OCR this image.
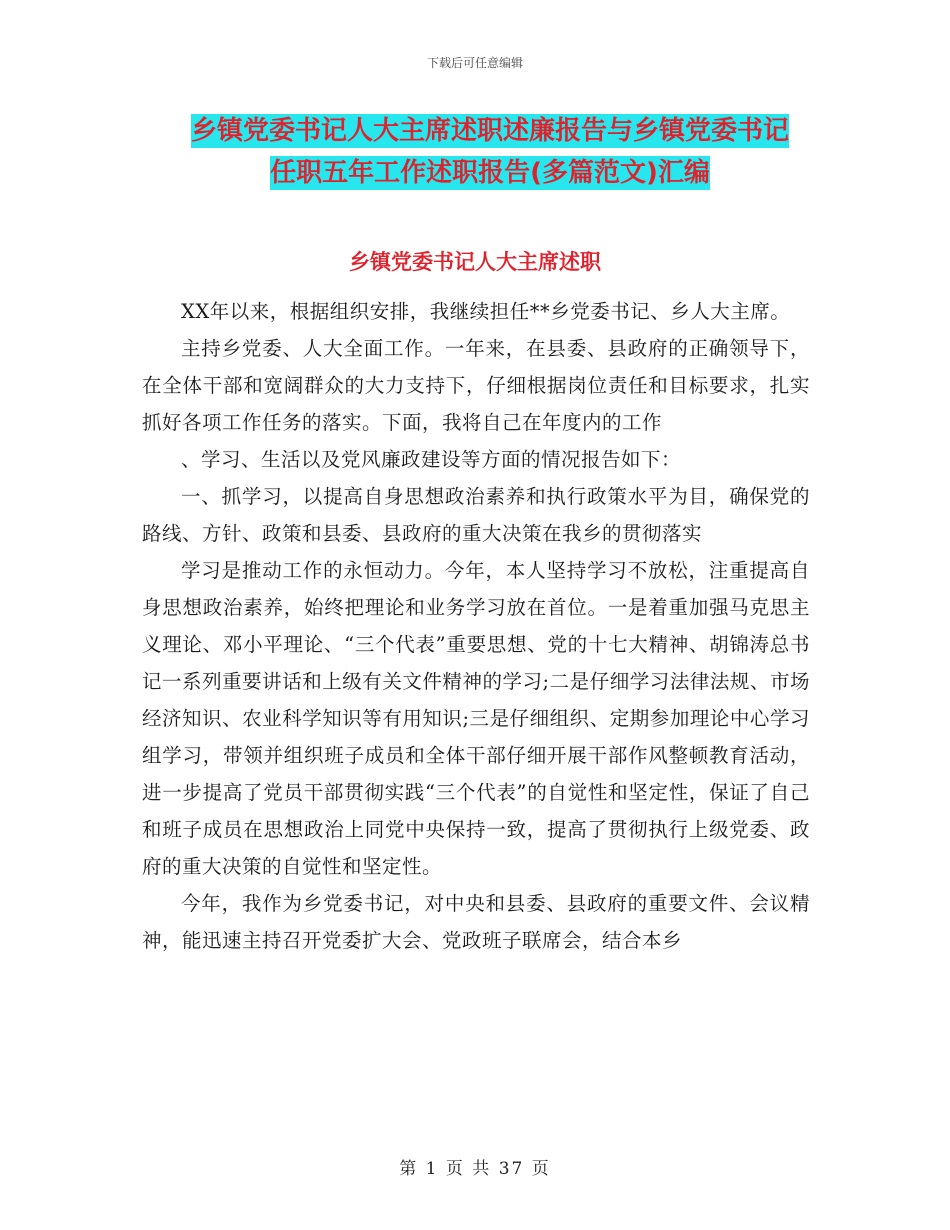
下载后可任意编辑
乡镇党委书记人大主席述职述廉报告与乡镇党委书记
任职五年工作述职报告(多篇范文)汇编
乡镇党委书记人大主席述职

XX年以来，根据组织安排，我继续担任**乡党委书记、乡人大主席。

主持乡党委、人大全面工作。一年来，在县委、县政府的正确领导下，在全体干部和宽阔群众的大力支持下，仔细根据岗位责任和目标要求，扎实抓好各项工作任务的落实。下面，我将自己在年度内的工作

、学习、生活以及党风廉政建设等方面的情况报告如下：

一、抓学习，以提高自身思想政治素养和执行政策水平为目，确保党的路线、方针、政策和县委、县政府的重大决策在我乡的贯彻落实

学习是推动工作的永恒动力。今年，本人坚持学习不放松，注重提高自身思想政治素养，始终把理论和业务学习放在首位。一是着重加强马克思主义理论、邓小平理论、“三个代表”重要思想、党的十七大精神、胡锦涛总书记一系列重要讲话和上级有关文件精神的学习;二是仔细学习法律法规、市场经济知识、农业科学知识等有用知识;三是仔细组织、定期参加理论中心学习组学习，带领并组织班子成员和全体干部仔细开展干部作风整顿教育活动，进一步提高了党员干部贯彻实践“三个代表”的自觉性和坚定性，保证了自己和班子成员在思想政治上同党中央保持一致，提高了贯彻执行上级党委、政府的重大决策的自觉性和坚定性。

今年，我作为乡党委书记，对中央和县委、县政府的重要文件、会议精神，能迅速主持召开党委扩大会、党政班子联席会，结合本乡

第 1 页 共 37 页
